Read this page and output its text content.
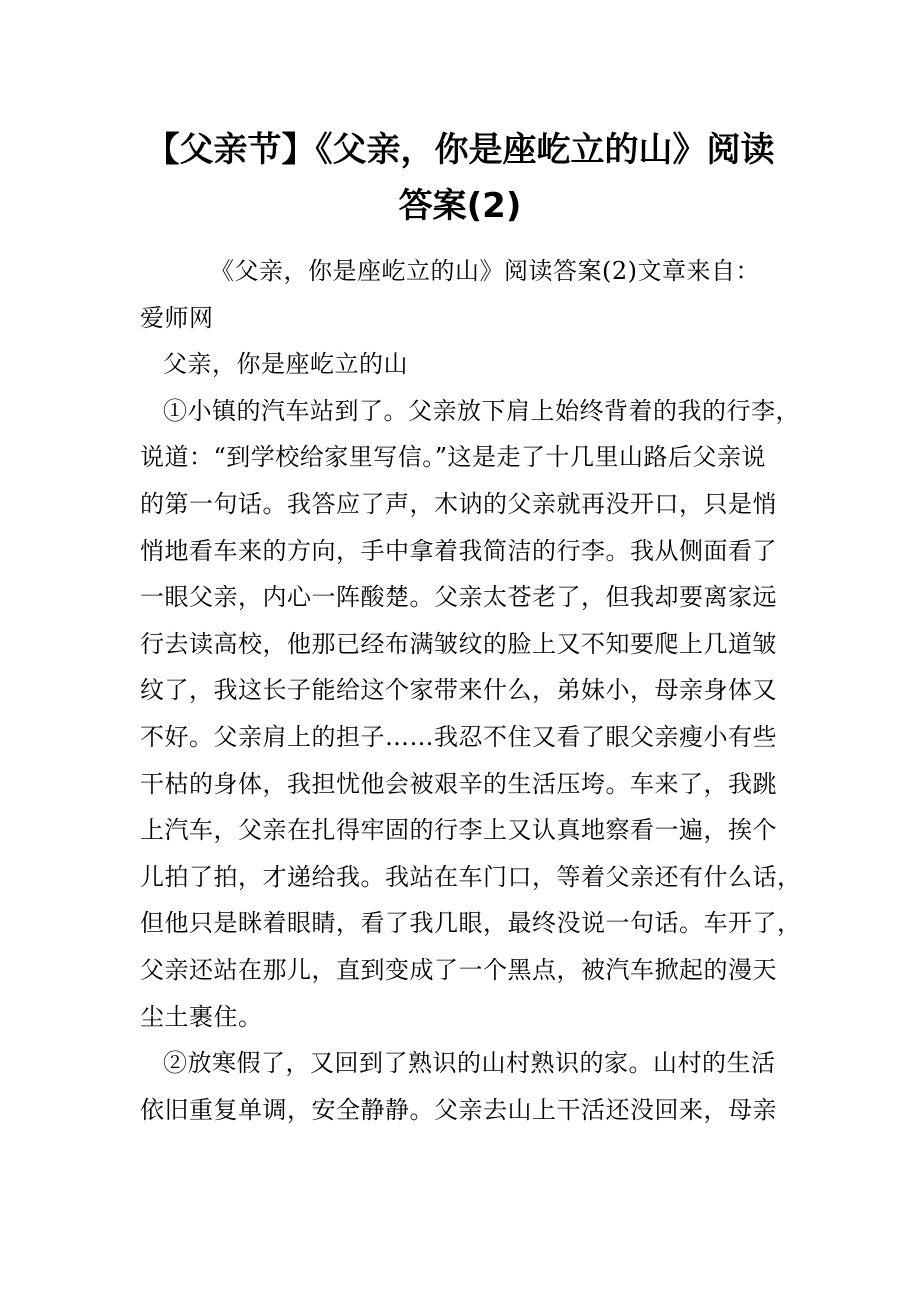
【父亲节】《父亲，你是座屹立的山》阅读
答案(2)
《父亲，你是座屹立的山》阅读答案(2)文章来自：
爱师网
父亲，你是座屹立的山
①小镇的汽车站到了。父亲放下肩上始终背着的我的行李，
说道：“到学校给家里写信。”这是走了十几里山路后父亲说
的第一句话。我答应了声，木讷的父亲就再没开口，只是悄
悄地看车来的方向，手中拿着我简洁的行李。我从侧面看了
一眼父亲，内心一阵酸楚。父亲太苍老了，但我却要离家远
行去读高校，他那已经布满皱纹的脸上又不知要爬上几道皱
纹了，我这长子能给这个家带来什么，弟妹小，母亲身体又
不好。父亲肩上的担子……我忍不住又看了眼父亲瘦小有些
干枯的身体，我担忧他会被艰辛的生活压垮。车来了，我跳
上汽车，父亲在扎得牢固的行李上又认真地察看一遍，挨个
儿拍了拍，才递给我。我站在车门口，等着父亲还有什么话，
但他只是眯着眼睛，看了我几眼，最终没说一句话。车开了，
父亲还站在那儿，直到变成了一个黑点，被汽车掀起的漫天
尘土裹住。
②放寒假了，又回到了熟识的山村熟识的家。山村的生活
依旧重复单调，安全静静。父亲去山上干活还没回来，母亲
